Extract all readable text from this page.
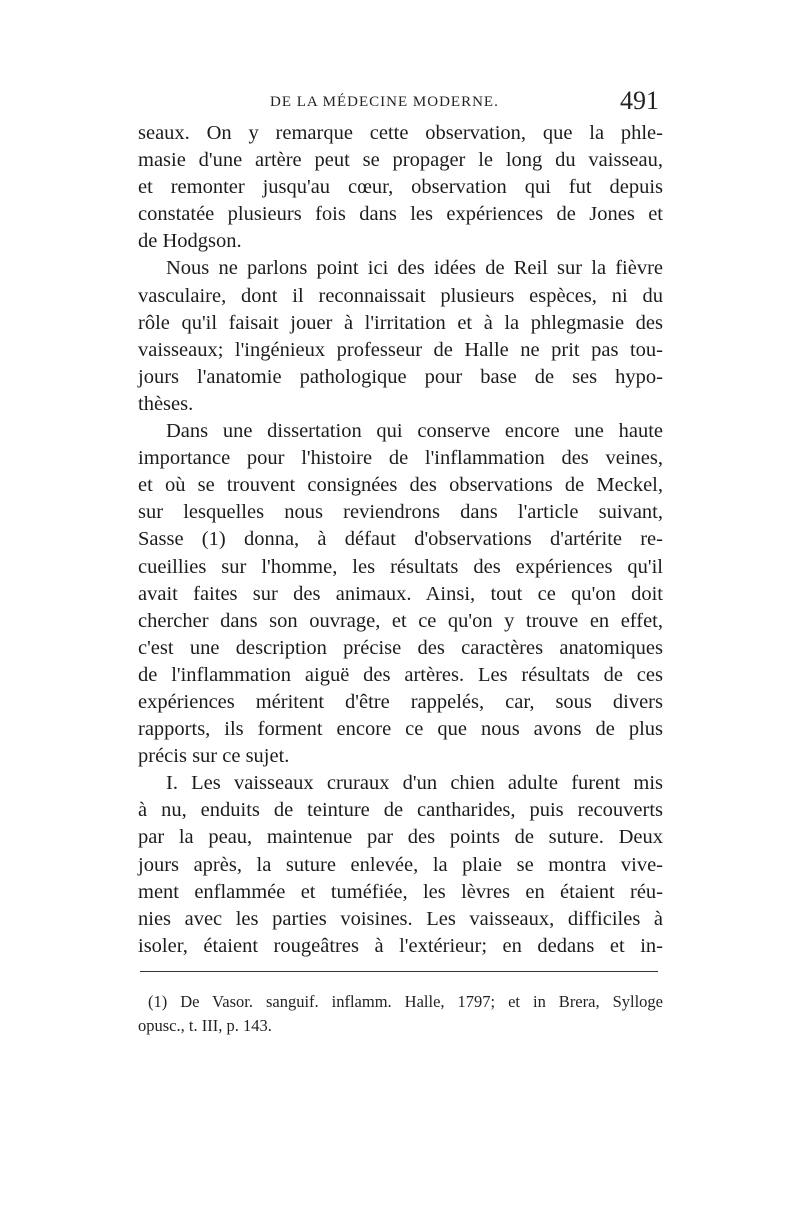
DE LA MÉDECINE MODERNE.	491
seaux. On y remarque cette observation, que la phle-
masie d'une artère peut se propager le long du vaisseau,
et remonter jusqu'au cœur, observation qui fut depuis
constatée plusieurs fois dans les expériences de Jones et
de Hodgson.
Nous ne parlons point ici des idées de Reil sur la fièvre
vasculaire, dont il reconnaissait plusieurs espèces, ni du
rôle qu'il faisait jouer à l'irritation et à la phlegmasie des
vaisseaux; l'ingénieux professeur de Halle ne prit pas tou-
jours l'anatomie pathologique pour base de ses hypo-
thèses.
Dans une dissertation qui conserve encore une haute
importance pour l'histoire de l'inflammation des veines,
et où se trouvent consignées des observations de Meckel,
sur lesquelles nous reviendrons dans l'article suivant,
Sasse (1) donna, à défaut d'observations d'artérite re-
cueillies sur l'homme, les résultats des expériences qu'il
avait faites sur des animaux. Ainsi, tout ce qu'on doit
chercher dans son ouvrage, et ce qu'on y trouve en effet,
c'est une description précise des caractères anatomiques
de l'inflammation aiguë des artères. Les résultats de ces
expériences méritent d'être rappelés, car, sous divers
rapports, ils forment encore ce que nous avons de plus
précis sur ce sujet.
I. Les vaisseaux cruraux d'un chien adulte furent mis
à nu, enduits de teinture de cantharides, puis recouverts
par la peau, maintenue par des points de suture. Deux
jours après, la suture enlevée, la plaie se montra vive-
ment enflammée et tuméfiée, les lèvres en étaient réu-
nies avec les parties voisines. Les vaisseaux, difficiles à
isoler, étaient rougeâtres à l'extérieur; en dedans et in-
(1) De Vasor. sanguif. inflamm. Halle, 1797; et in Brera, Sylloge
opusc., t. III, p. 143.
